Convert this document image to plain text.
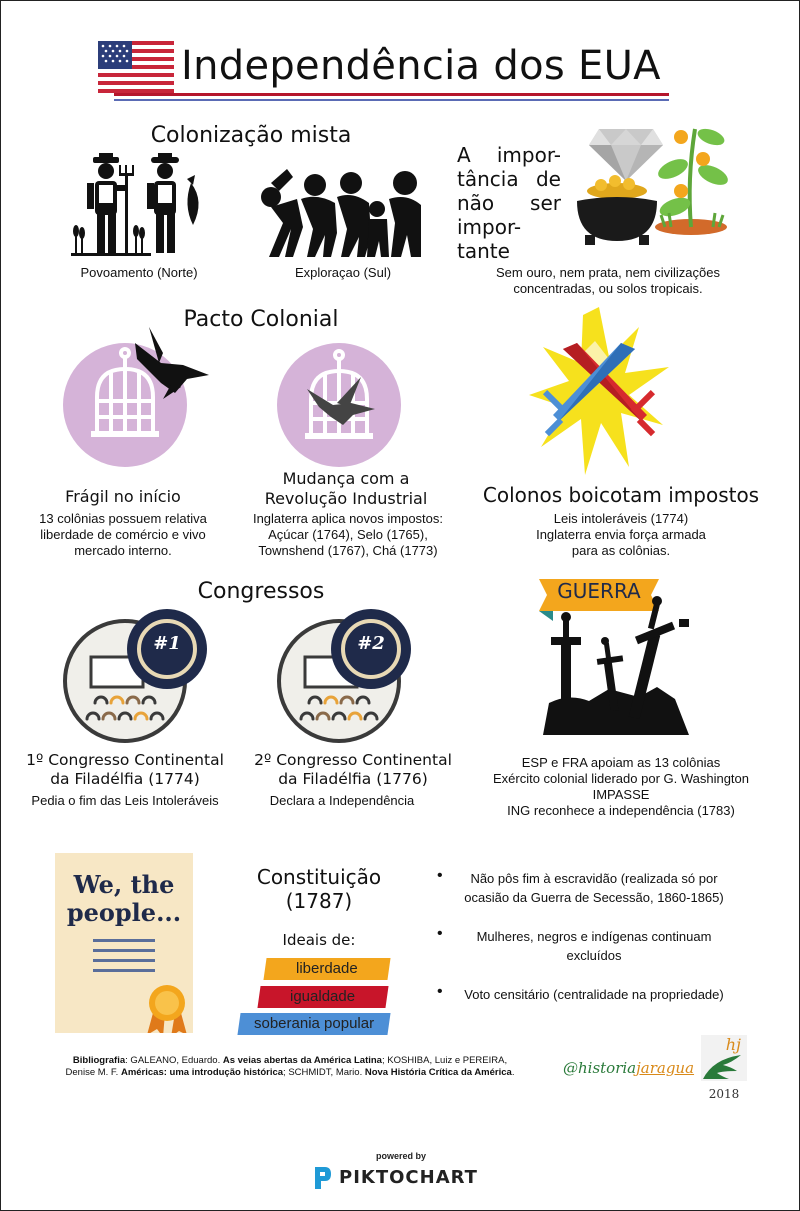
Independência dos EUA
Colonização mista
Povoamento (Norte)	Exploraçao (Sul)
A impor-
tância de
não ser
impor-
tante
Sem ouro, nem prata, nem civilizações
concentradas, ou solos tropicais.
Pacto Colonial
Frágil no início
13 colônias possuem relativa
liberdade de comércio e vivo
mercado interno.
Mudança com a
Revolução Industrial
Inglaterra aplica novos impostos:
Açúcar (1764), Selo (1765),
Townshend (1767), Chá (1773)
Colonos boicotam impostos
Leis intoleráveis (1774)
Inglaterra envia força armada
para as colônias.
Congressos
#1	#2
1º Congresso Continental
da Filadélfia (1774)
Pedia o fim das Leis Intoleráveis
2º Congresso Continental
da Filadélfia (1776)
Declara a Independência
GUERRA
ESP e FRA apoiam as 13 colônias
Exército colonial liderado por G. Washington
IMPASSE
ING reconhece a independência (1783)
We, the
people...
Constituição
(1787)
Ideais de:
liberdade
igualdade
soberania popular
• Não pôs fim à escravidão (realizada só por ocasião da Guerra de Secessão, 1860-1865)
• Mulheres, negros e indígenas continuam excluídos
• Voto censitário (centralidade na propriedade)
Bibliografia: GALEANO, Eduardo. As veias abertas da América Latina; KOSHIBA, Luiz e PEREIRA,
Denise M. F. Américas: uma introdução histórica; SCHMIDT, Mario. Nova História Crítica da América.	@historiajaragua
hj
2018
powered by
PIKTOCHART
